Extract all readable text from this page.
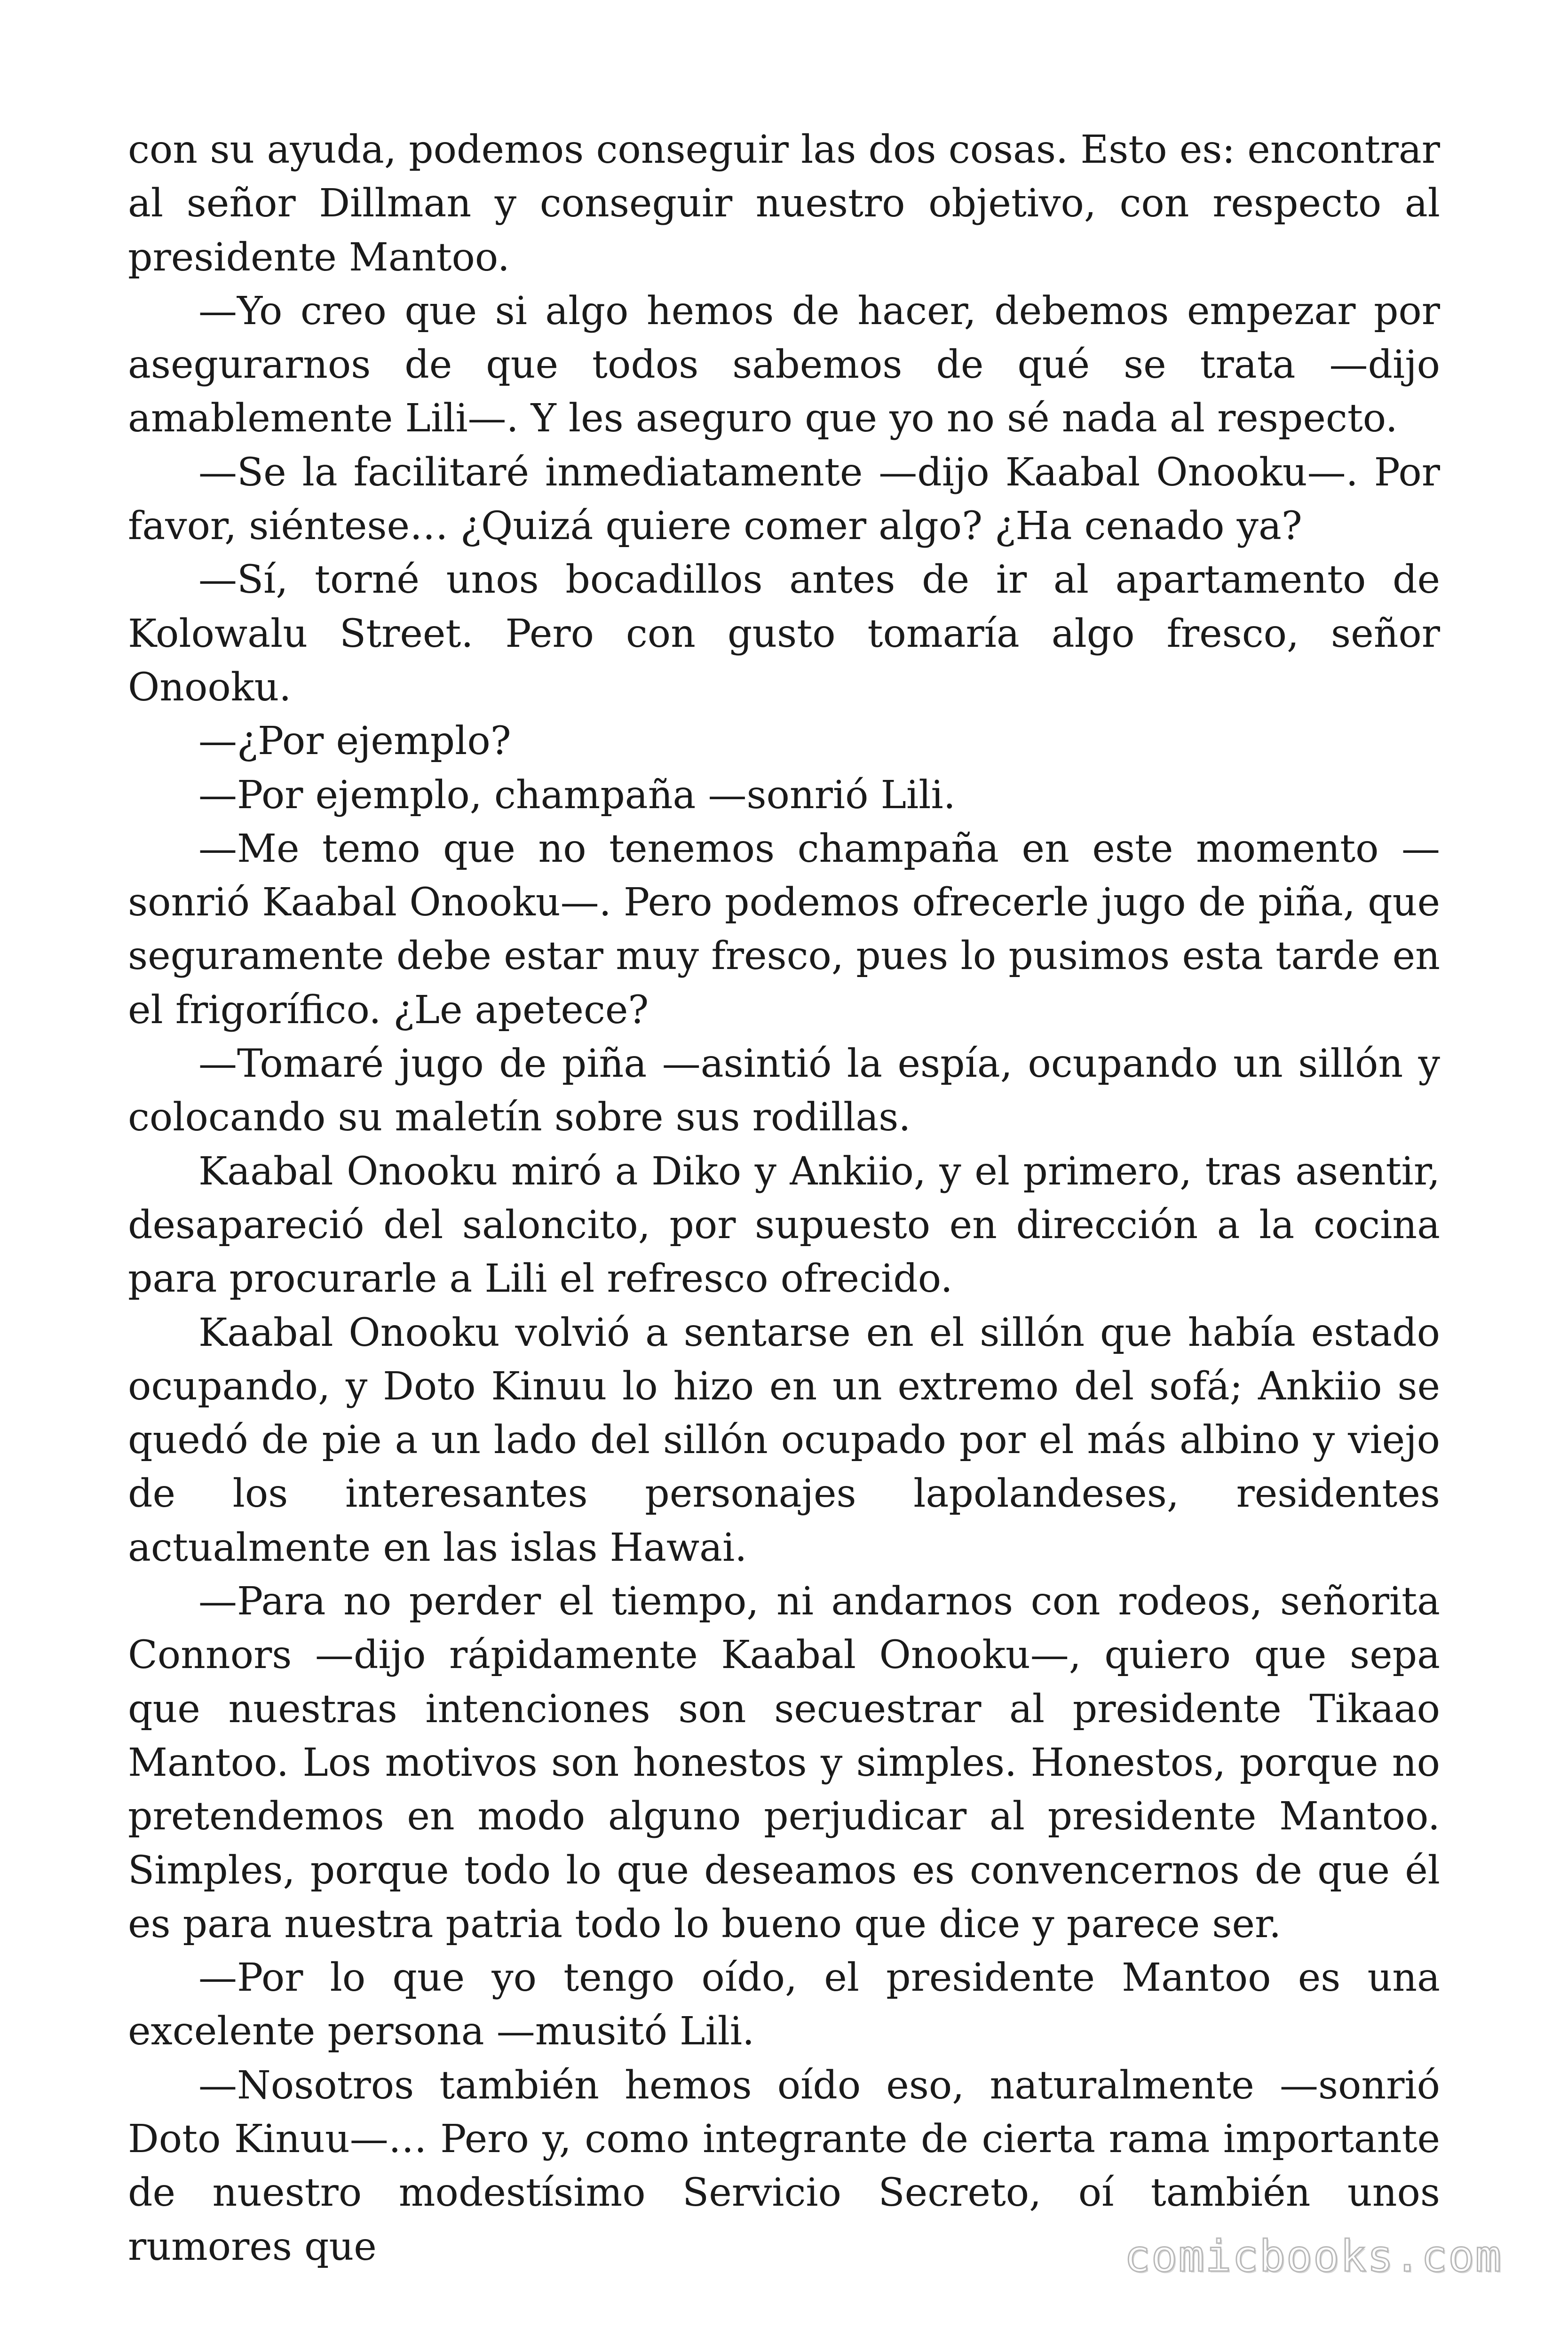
con su ayuda, podemos conseguir las dos cosas. Esto es: encontrar al señor Dillman y conseguir nuestro objetivo, con respecto al presidente Mantoo.

—Yo creo que si algo hemos de hacer, debemos empezar por asegurarnos de que todos sabemos de qué se trata —dijo amablemente Lili—. Y les aseguro que yo no sé nada al respecto.

—Se la facilitaré inmediatamente —dijo Kaabal Onooku—. Por favor, siéntese… ¿Quizá quiere comer algo? ¿Ha cenado ya?

—Sí, torné unos bocadillos antes de ir al apartamento de Kolowalu Street. Pero con gusto tomaría algo fresco, señor Onooku.

—¿Por ejemplo?

—Por ejemplo, champaña —sonrió Lili.

—Me temo que no tenemos champaña en este momento —sonrió Kaabal Onooku—. Pero podemos ofrecerle jugo de piña, que seguramente debe estar muy fresco, pues lo pusimos esta tarde en el frigorífico. ¿Le apetece?

—Tomaré jugo de piña —asintió la espía, ocupando un sillón y colocando su maletín sobre sus rodillas.

Kaabal Onooku miró a Diko y Ankiio, y el primero, tras asentir, desapareció del saloncito, por supuesto en dirección a la cocina para procurarle a Lili el refresco ofrecido.

Kaabal Onooku volvió a sentarse en el sillón que había estado ocupando, y Doto Kinuu lo hizo en un extremo del sofá; Ankiio se quedó de pie a un lado del sillón ocupado por el más albino y viejo de los interesantes personajes lapolandeses, residentes actualmente en las islas Hawai.

—Para no perder el tiempo, ni andarnos con rodeos, señorita Connors —dijo rápidamente Kaabal Onooku—, quiero que sepa que nuestras intenciones son secuestrar al presidente Tikaao Mantoo. Los motivos son honestos y simples. Honestos, porque no pretendemos en modo alguno perjudicar al presidente Mantoo. Simples, porque todo lo que deseamos es convencernos de que él es para nuestra patria todo lo bueno que dice y parece ser.

—Por lo que yo tengo oído, el presidente Mantoo es una excelente persona —musitó Lili.

—Nosotros también hemos oído eso, naturalmente —sonrió Doto Kinuu—… Pero y, como integrante de cierta rama importante de nuestro modestísimo Servicio Secreto, oí también unos rumores que	comicbooks.com
